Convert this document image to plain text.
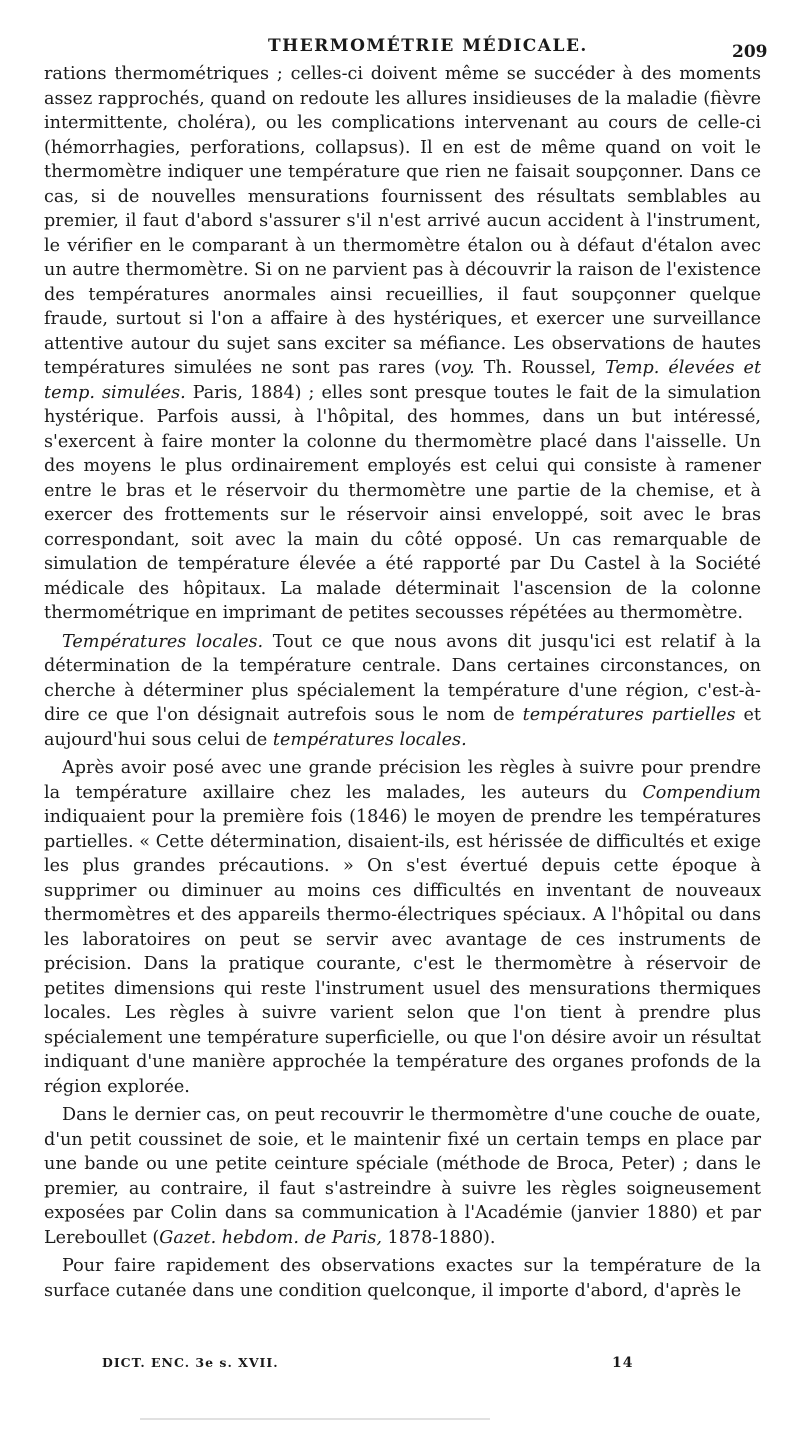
THERMOMÉTRIE MÉDICALE.	209

rations thermométriques ; celles-ci doivent même se succéder à des moments assez rapprochés, quand on redoute les allures insidieuses de la maladie (fièvre intermittente, choléra), ou les complications intervenant au cours de celle-ci (hémorrhagies, perforations, collapsus). Il en est de même quand on voit le thermomètre indiquer une température que rien ne faisait soupçonner. Dans ce cas, si de nouvelles mensurations fournissent des résultats semblables au premier, il faut d'abord s'assurer s'il n'est arrivé aucun accident à l'instrument, le vérifier en le comparant à un thermomètre étalon ou à défaut d'étalon avec un autre thermomètre. Si on ne parvient pas à découvrir la raison de l'existence des températures anormales ainsi recueillies, il faut soupçonner quelque fraude, surtout si l'on a affaire à des hystériques, et exercer une surveillance attentive autour du sujet sans exciter sa méfiance. Les observations de hautes températures simulées ne sont pas rares (voy. Th. Roussel, Temp. élevées et temp. simulées. Paris, 1884) ; elles sont presque toutes le fait de la simulation hystérique. Parfois aussi, à l'hôpital, des hommes, dans un but intéressé, s'exercent à faire monter la colonne du thermomètre placé dans l'aisselle. Un des moyens le plus ordinairement employés est celui qui consiste à ramener entre le bras et le réservoir du thermomètre une partie de la chemise, et à exercer des frottements sur le réservoir ainsi enveloppé, soit avec le bras correspondant, soit avec la main du côté opposé. Un cas remarquable de simulation de température élevée a été rapporté par Du Castel à la Société médicale des hôpitaux. La malade déterminait l'ascension de la colonne thermométrique en imprimant de petites secousses répétées au thermomètre.

Températures locales. Tout ce que nous avons dit jusqu'ici est relatif à la détermination de la température centrale. Dans certaines circonstances, on cherche à déterminer plus spécialement la température d'une région, c'est-à-dire ce que l'on désignait autrefois sous le nom de températures partielles et aujourd'hui sous celui de températures locales.

Après avoir posé avec une grande précision les règles à suivre pour prendre la température axillaire chez les malades, les auteurs du Compendium indiquaient pour la première fois (1846) le moyen de prendre les températures partielles. « Cette détermination, disaient-ils, est hérissée de difficultés et exige les plus grandes précautions. » On s'est évertué depuis cette époque à supprimer ou diminuer au moins ces difficultés en inventant de nouveaux thermomètres et des appareils thermo-électriques spéciaux. A l'hôpital ou dans les laboratoires on peut se servir avec avantage de ces instruments de précision. Dans la pratique courante, c'est le thermomètre à réservoir de petites dimensions qui reste l'instrument usuel des mensurations thermiques locales. Les règles à suivre varient selon que l'on tient à prendre plus spécialement une température superficielle, ou que l'on désire avoir un résultat indiquant d'une manière approchée la température des organes profonds de la région explorée.

Dans le dernier cas, on peut recouvrir le thermomètre d'une couche de ouate, d'un petit coussinet de soie, et le maintenir fixé un certain temps en place par une bande ou une petite ceinture spéciale (méthode de Broca, Peter) ; dans le premier, au contraire, il faut s'astreindre à suivre les règles soigneusement exposées par Colin dans sa communication à l'Académie (janvier 1880) et par Lereboullet (Gazet. hebdom. de Paris, 1878-1880).

Pour faire rapidement des observations exactes sur la température de la surface cutanée dans une condition quelconque, il importe d'abord, d'après le

DICT. ENC. 3e s. XVII.	14
